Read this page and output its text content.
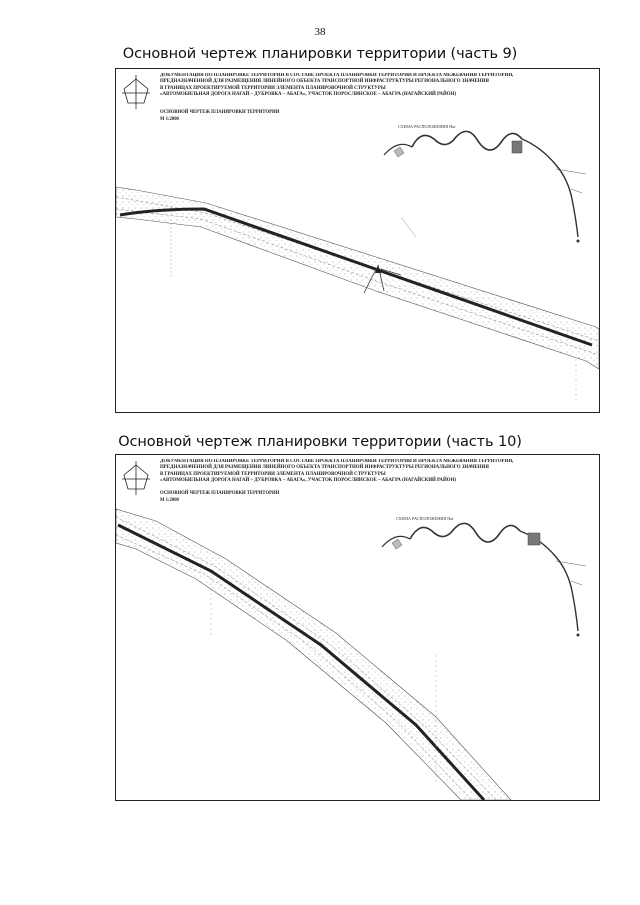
38
Основной чертеж планировки территории (часть 9)
ДОКУМЕНТАЦИЯ ПО ПЛАНИРОВКЕ ТЕРРИТОРИИ В СОСТАВЕ ПРОЕКТА ПЛАНИРОВКИ ТЕРРИТОРИИ И ПРОЕКТА МЕЖЕВАНИЯ ТЕРРИТОРИИ,
ПРЕДНАЗНАЧЕННОЙ ДЛЯ РАЗМЕЩЕНИЯ ЛИНЕЙНОГО ОБЪЕКТА ТРАНСПОРТНОЙ ИНФРАСТРУКТУРЫ РЕГИОНАЛЬНОГО ЗНАЧЕНИЯ
В ГРАНИЦАХ ПРОЕКТИРУЕМОЙ ТЕРРИТОРИИ ЭЛЕМЕНТА ПЛАНИРОВОЧНОЙ СТРУКТУРЫ
«АВТОМОБИЛЬНАЯ ДОРОГА НАГАЙ – ДУБРОВКА – АБАГА», УЧАСТОК ПОРОСЛИНСКОЕ – АБАГРА (НАГАЙСКИЙ РАЙОН)
ОСНОВНОЙ ЧЕРТЕЖ ПЛАНИРОВКИ ТЕРРИТОРИИ
М 1:2000
СХЕМА РАСПОЛОЖЕНИЯ Наг
Основной чертеж планировки территории (часть 10)
ДОКУМЕНТАЦИЯ ПО ПЛАНИРОВКЕ ТЕРРИТОРИИ В СОСТАВЕ ПРОЕКТА ПЛАНИРОВКИ ТЕРРИТОРИИ И ПРОЕКТА МЕЖЕВАНИЯ ТЕРРИТОРИИ,
ПРЕДНАЗНАЧЕННОЙ ДЛЯ РАЗМЕЩЕНИЯ ЛИНЕЙНОГО ОБЪЕКТА ТРАНСПОРТНОЙ ИНФРАСТРУКТУРЫ РЕГИОНАЛЬНОГО ЗНАЧЕНИЯ
В ГРАНИЦАХ ПРОЕКТИРУЕМОЙ ТЕРРИТОРИИ ЭЛЕМЕНТА ПЛАНИРОВОЧНОЙ СТРУКТУРЫ
«АВТОМОБИЛЬНАЯ ДОРОГА НАГАЙ – ДУБРОВКА – АБАГА», УЧАСТОК ПОРОСЛИНСКОЕ – АБАГРА (НАГАЙСКИЙ РАЙОН)
ОСНОВНОЙ ЧЕРТЕЖ ПЛАНИРОВКИ ТЕРРИТОРИИ
М 1:2000
СХЕМА РАСПОЛОЖЕНИЯ Наг
